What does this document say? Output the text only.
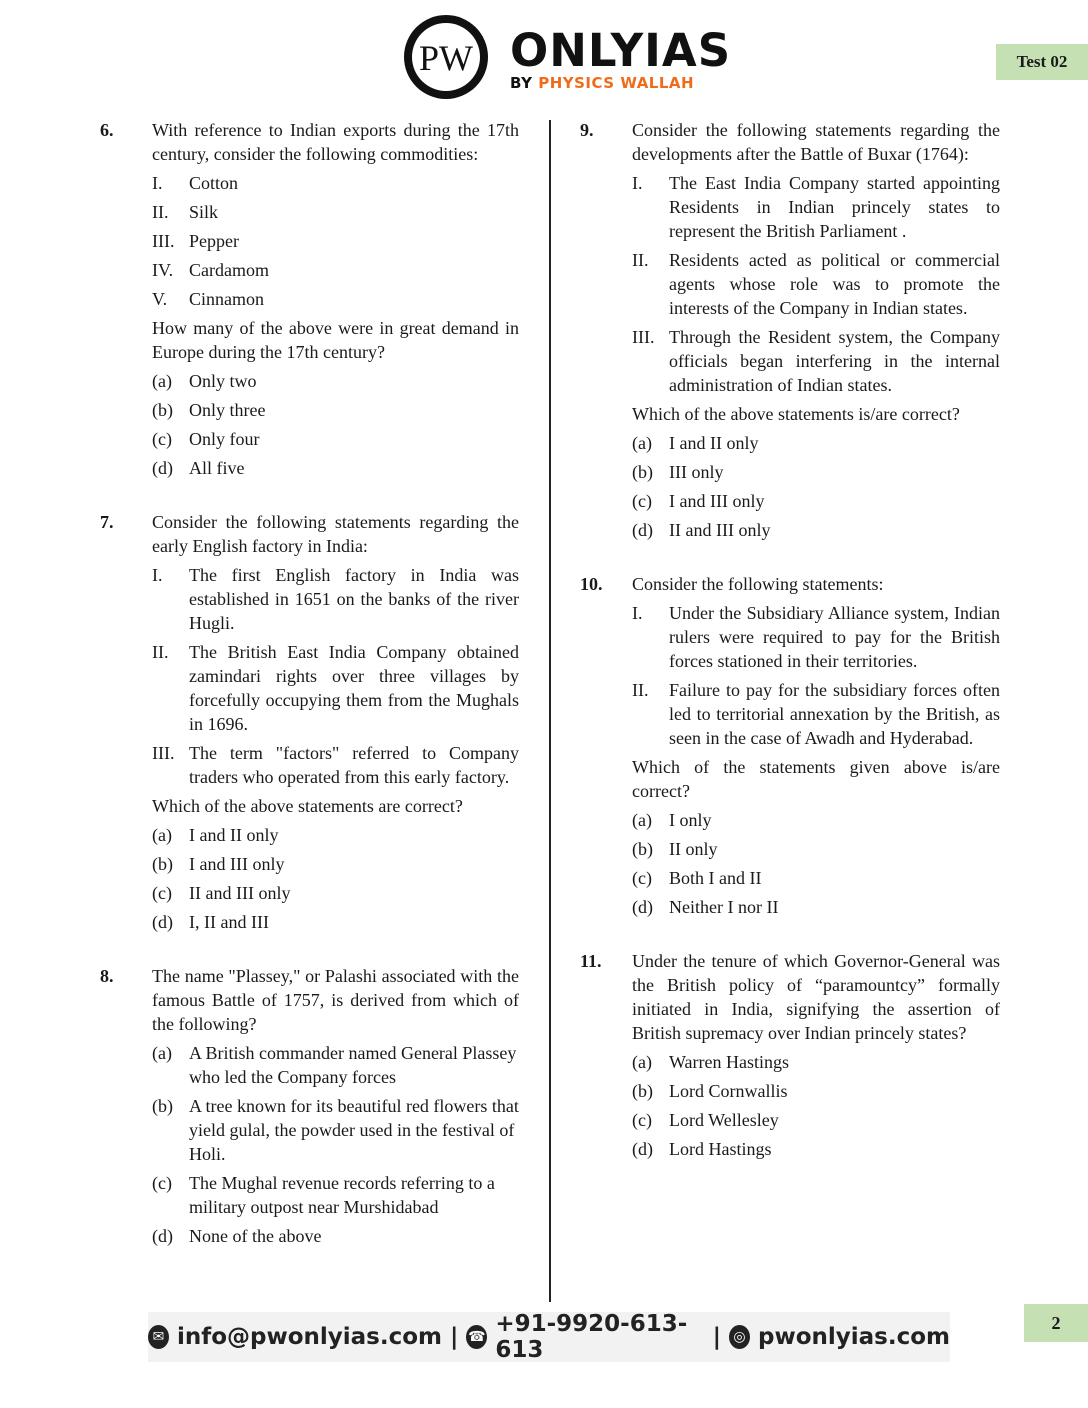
PW ONLYIAS
BY PHYSICS WALLAH
Test 02
6. With reference to Indian exports during the 17th century, consider the following commodities:
I. Cotton
II. Silk
III. Pepper
IV. Cardamom
V. Cinnamon
How many of the above were in great demand in Europe during the 17th century?
(a) Only two
(b) Only three
(c) Only four
(d) All five
7. Consider the following statements regarding the early English factory in India:
I. The first English factory in India was established in 1651 on the banks of the river Hugli.
II. The British East India Company obtained zamindari rights over three villages by forcefully occupying them from the Mughals in 1696.
III. The term "factors" referred to Company traders who operated from this early factory.
Which of the above statements are correct?
(a) I and II only
(b) I and III only
(c) II and III only
(d) I, II and III
8. The name "Plassey," or Palashi associated with the famous Battle of 1757, is derived from which of the following?
(a) A British commander named General Plassey who led the Company forces
(b) A tree known for its beautiful red flowers that yield gulal, the powder used in the festival of Holi.
(c) The Mughal revenue records referring to a military outpost near Murshidabad
(d) None of the above
9. Consider the following statements regarding the developments after the Battle of Buxar (1764):
I. The East India Company started appointing Residents in Indian princely states to represent the British Parliament .
II. Residents acted as political or commercial agents whose role was to promote the interests of the Company in Indian states.
III. Through the Resident system, the Company officials began interfering in the internal administration of Indian states.
Which of the above statements is/are correct?
(a) I and II only
(b) III only
(c) I and III only
(d) II and III only
10. Consider the following statements:
I. Under the Subsidiary Alliance system, Indian rulers were required to pay for the British forces stationed in their territories.
II. Failure to pay for the subsidiary forces often led to territorial annexation by the British, as seen in the case of Awadh and Hyderabad.
Which of the statements given above is/are correct?
(a) I only
(b) II only
(c) Both I and II
(d) Neither I nor II
11. Under the tenure of which Governor-General was the British policy of “paramountcy” formally initiated in India, signifying the assertion of British supremacy over Indian princely states?
(a) Warren Hastings
(b) Lord Cornwallis
(c) Lord Wellesley
(d) Lord Hastings
✉ info@pwonlyias.com | ☎ +91-9920-613-613	| ◎ pwonlyias.com
2
